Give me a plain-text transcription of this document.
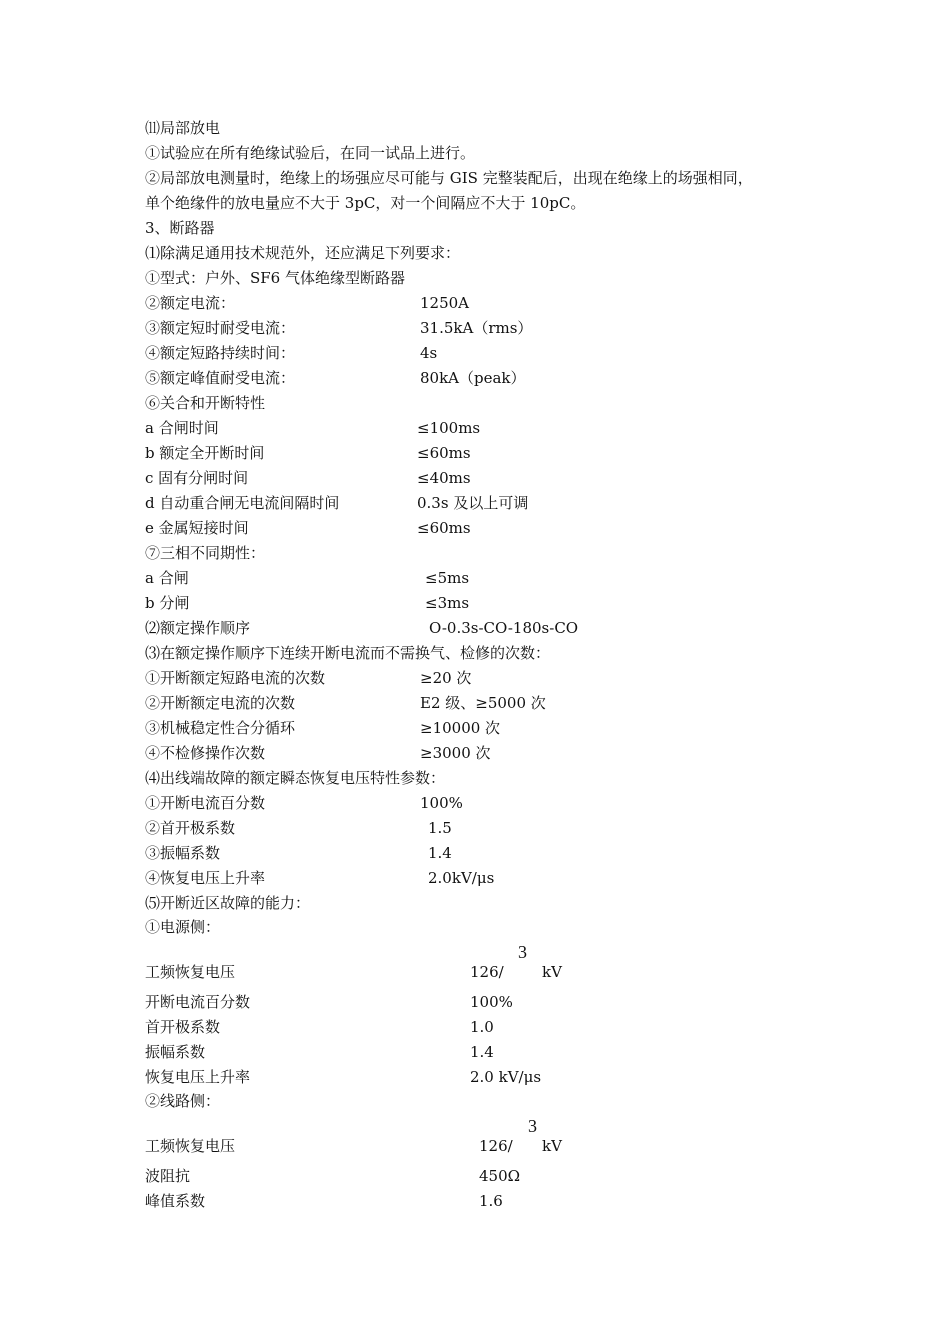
⑾局部放电
①试验应在所有绝缘试验后，在同一试品上进行。
②局部放电测量时，绝缘上的场强应尽可能与 GIS 完整装配后，出现在绝缘上的场强相同，
单个绝缘件的放电量应不大于 3pC，对一个间隔应不大于 10pC。
3、断路器
⑴除满足通用技术规范外，还应满足下列要求：
①型式：户外、SF6 气体绝缘型断路器
②额定电流：	1250A
③额定短时耐受电流：	31.5kA（rms）
④额定短路持续时间：	4s
⑤额定峰值耐受电流：	80kA（peak）
⑥关合和开断特性
a 合闸时间	≤100ms
b 额定全开断时间	≤60ms
c 固有分闸时间	≤40ms
d 自动重合闸无电流间隔时间	0.3s 及以上可调
e 金属短接时间	≤60ms
⑦三相不同期性：
a 合闸	≤5ms
b 分闸	≤3ms
⑵额定操作顺序	O-0.3s-CO-180s-CO
⑶在额定操作顺序下连续开断电流而不需换气、检修的次数：
①开断额定短路电流的次数	≥20 次
②开断额定电流的次数	E2 级、≥5000 次
③机械稳定性合分循环	≥10000 次
④不检修操作次数	≥3000 次
⑷出线端故障的额定瞬态恢复电压特性参数：
①开断电流百分数	100%
②首开极系数	1.5
③振幅系数	1.4
④恢复电压上升率	2.0kV/μs
⑸开断近区故障的能力：
①电源侧：
工频恢复电压	126/
3
kV
开断电流百分数	100%
首开极系数	1.0
振幅系数	1.4
恢复电压上升率	2.0 kV/μs
②线路侧：
工频恢复电压	126/
3
kV
波阻抗	450Ω
峰值系数	1.6
